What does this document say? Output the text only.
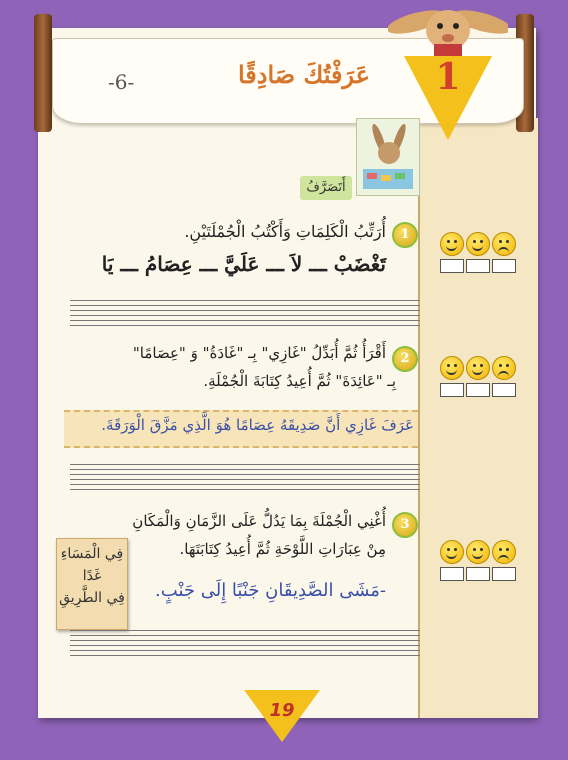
عَرَفْتُكَ صَادِقًا
-6-	1
أَتَصَرَّفُ
1
أُرَتِّبُ الْكَلِمَاتِ وَأَكْتُبُ الْجُمْلَتَيْنِ.
تَغْضَبْ ـــ لاَ ـــ عَلَيَّ ـــ عِصَامُ ـــ يَا
2
أَقْرَأُ ثُمَّ أُبَدِّلُ "غَازِي" بِـ "غَادَةُ" وَ "عِصَامًا"
بِـ "عَائِدَةَ" ثُمَّ أُعِيدُ كِتَابَةَ الْجُمْلَةِ.
عَرَفَ غَازِي أَنَّ صَدِيقَهُ عِصَامًا هُوَ الَّذِي مَزَّقَ الْوَرَقَةَ.
3
أُغْنِي الْجُمْلَةَ بِمَا يَدُلُّ عَلَى الزَّمَانِ وَالْمَكَانِ
مِنْ عِبَارَاتِ اللَّوْحَةِ ثُمَّ أُعِيدُ كِتَابَتَهَا.
-مَشَى الصَّدِيقَانِ جَنْبًا إِلَى جَنْبٍ.
فِي الْمَسَاءِ
غَدًا
فِي الطَّرِيقِ
19
